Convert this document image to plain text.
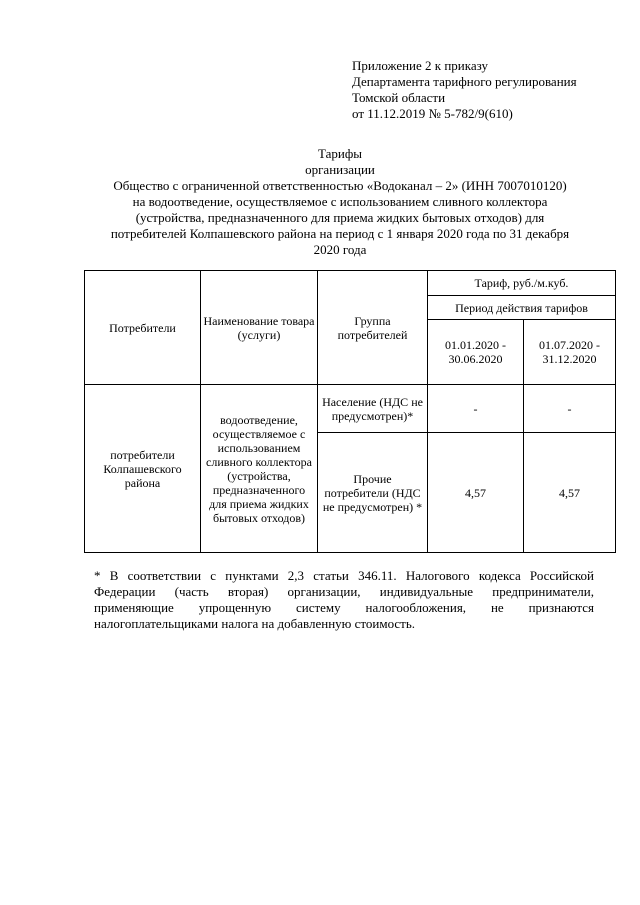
Приложение 2 к приказу
Департамента тарифного регулирования
Томской области
от 11.12.2019 № 5-782/9(610)
Тарифы
организации
Общество с ограниченной ответственностью «Водоканал – 2» (ИНН 7007010120)
на водоотведение, осуществляемое с использованием сливного коллектора
(устройства, предназначенного для приема жидких бытовых отходов) для
потребителей Колпашевского района на период с 1 января 2020 года по 31 декабря
2020 года
Потребители	Наименование товара (услуги)	Группа потребителей	Тариф, руб./м.куб.	
			Период действия тарифов	
			01.01.2020 - 30.06.2020	01.07.2020 - 31.12.2020
потребители Колпашевского района	водоотведение, осуществляемое с использованием сливного коллектора (устройства, предназначенного для приема жидких бытовых отходов)	Население (НДС не предусмотрен)*	-	-
		Прочие потребители (НДС не предусмотрен) *	4,57	4,57
* В соответствии с пунктами 2,3 статьи 346.11. Налогового кодекса Российской Федерации (часть вторая) организации, индивидуальные предприниматели, применяющие упрощенную систему налогообложения, не признаются налогоплательщиками налога на добавленную стоимость.
